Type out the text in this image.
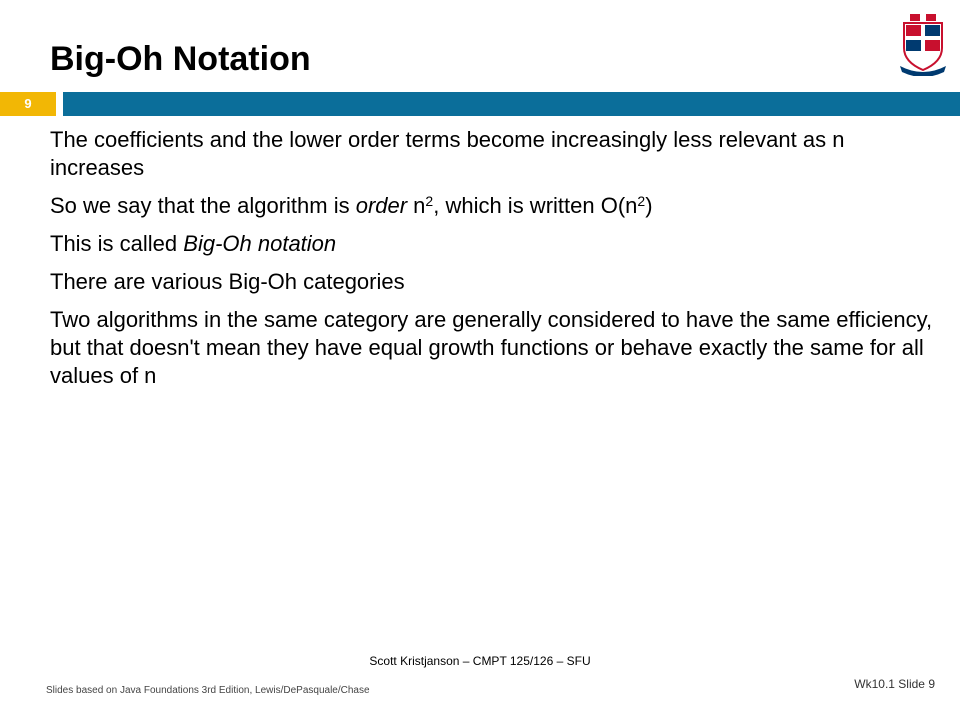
Big-Oh Notation
9
The coefficients and the lower order terms become increasingly less relevant as n increases
So we say that the algorithm is order $n^2$, which is written $O(n^2)$
This is called Big-Oh notation
There are various Big-Oh categories
Two algorithms in the same category are generally considered to have the same efficiency, but that doesn't mean they have equal growth functions or behave exactly the same for all values of n
Scott Kristjanson – CMPT 125/126 – SFU
Slides based on Java Foundations 3rd Edition, Lewis/DePasquale/Chase	Wk10.1 Slide 9
